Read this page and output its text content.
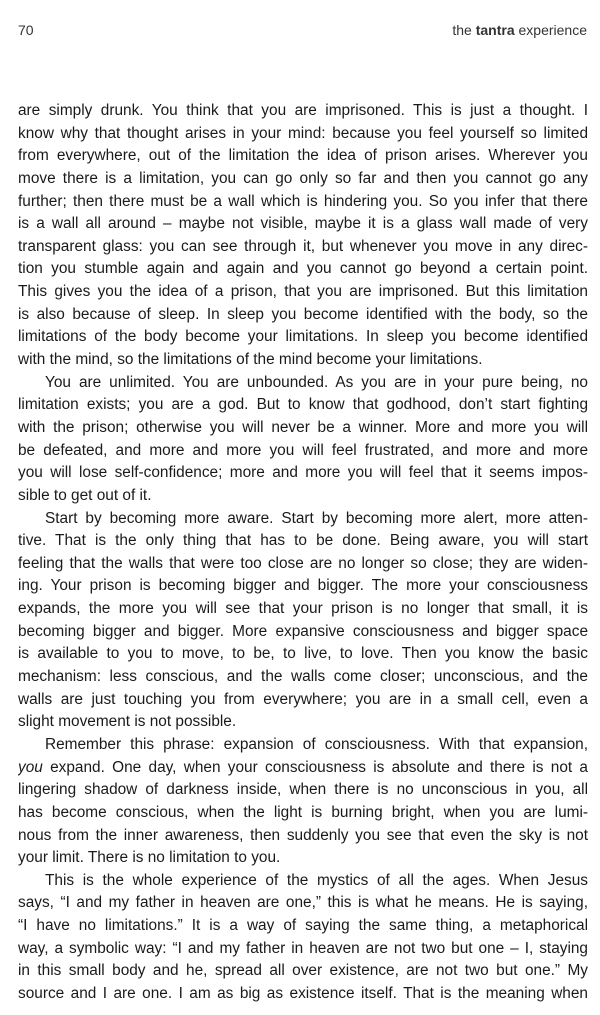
70	the tantra experience
are simply drunk. You think that you are imprisoned. This is just a thought. I
know why that thought arises in your mind: because you feel yourself so limited
from everywhere, out of the limitation the idea of prison arises. Wherever you
move there is a limitation, you can go only so far and then you cannot go any
further; then there must be a wall which is hindering you. So you infer that there
is a wall all around – maybe not visible, maybe it is a glass wall made of very
transparent glass: you can see through it, but whenever you move in any direc-
tion you stumble again and again and you cannot go beyond a certain point.
This gives you the idea of a prison, that you are imprisoned. But this limitation
is also because of sleep. In sleep you become identified with the body, so the
limitations of the body become your limitations. In sleep you become identified
with the mind, so the limitations of the mind become your limitations.
You are unlimited. You are unbounded. As you are in your pure being, no
limitation exists; you are a god. But to know that godhood, don’t start fighting
with the prison; otherwise you will never be a winner. More and more you will
be defeated, and more and more you will feel frustrated, and more and more
you will lose self-confidence; more and more you will feel that it seems impos-
sible to get out of it.
Start by becoming more aware. Start by becoming more alert, more atten-
tive. That is the only thing that has to be done. Being aware, you will start
feeling that the walls that were too close are no longer so close; they are widen-
ing. Your prison is becoming bigger and bigger. The more your consciousness
expands, the more you will see that your prison is no longer that small, it is
becoming bigger and bigger. More expansive consciousness and bigger space
is available to you to move, to be, to live, to love. Then you know the basic
mechanism: less conscious, and the walls come closer; unconscious, and the
walls are just touching you from everywhere; you are in a small cell, even a
slight movement is not possible.
Remember this phrase: expansion of consciousness. With that expansion,
you expand. One day, when your consciousness is absolute and there is not a
lingering shadow of darkness inside, when there is no unconscious in you, all
has become conscious, when the light is burning bright, when you are lumi-
nous from the inner awareness, then suddenly you see that even the sky is not
your limit. There is no limitation to you.
This is the whole experience of the mystics of all the ages. When Jesus
says, “I and my father in heaven are one,” this is what he means. He is saying,
“I have no limitations.” It is a way of saying the same thing, a metaphorical
way, a symbolic way: “I and my father in heaven are not two but one – I, staying
in this small body and he, spread all over existence, are not two but one.” My
source and I are one. I am as big as existence itself. That is the meaning when
